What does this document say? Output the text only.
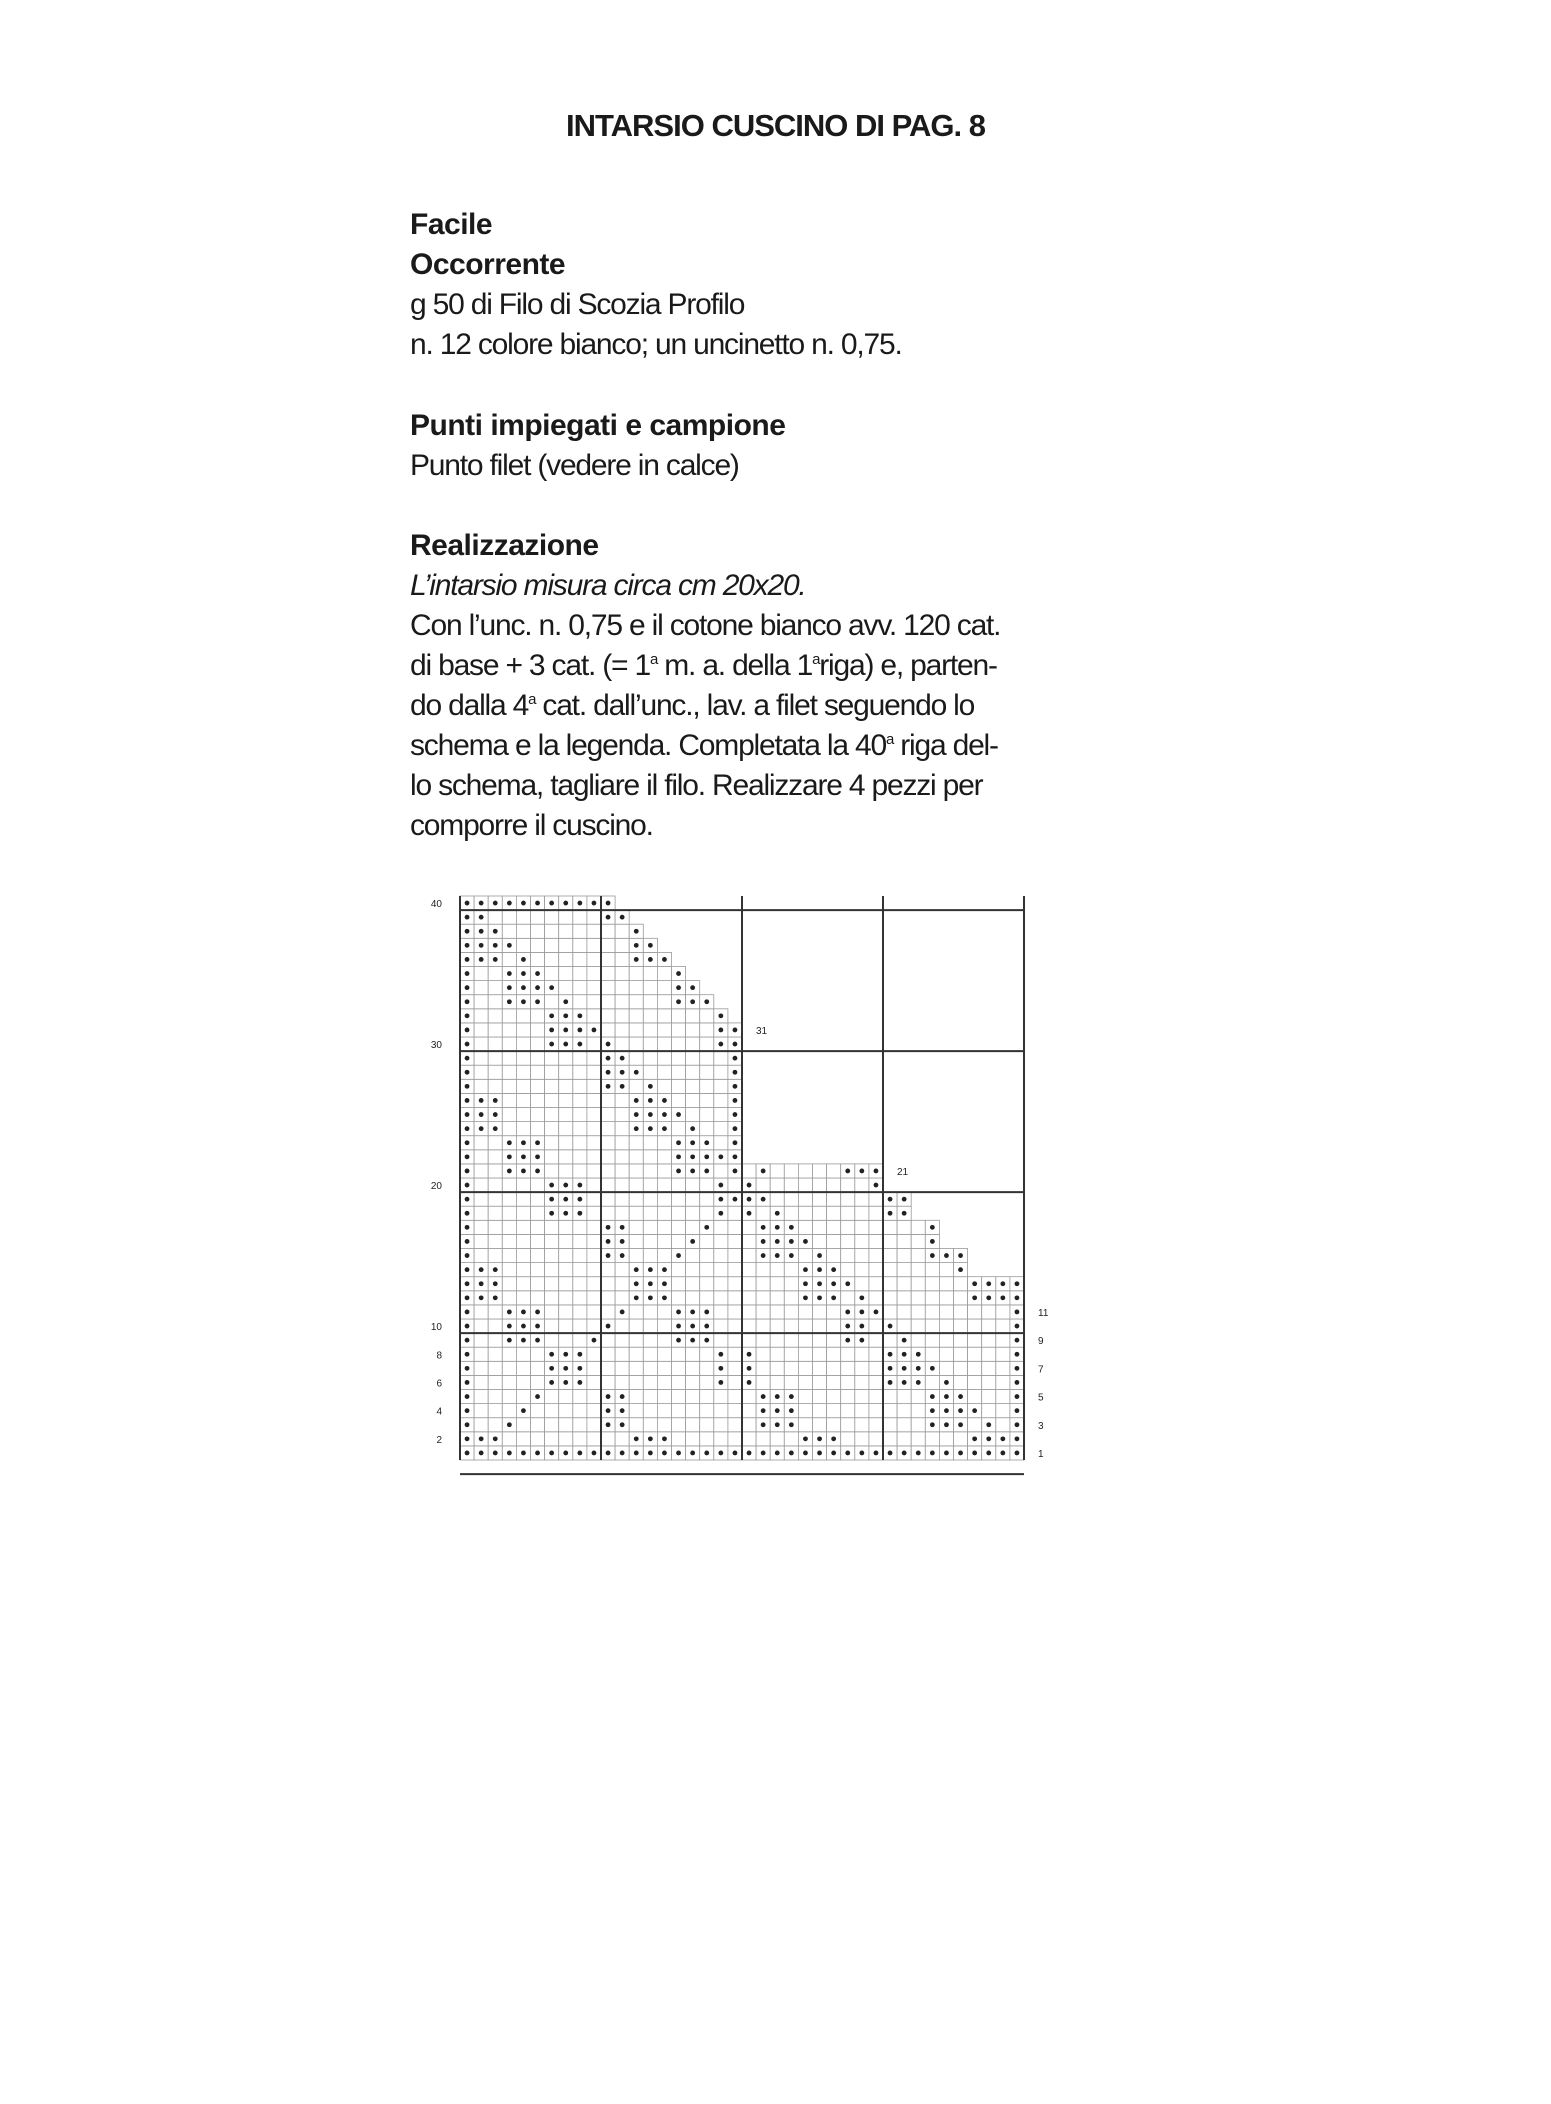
INTARSIO CUSCINO DI PAG. 8

Facile

Occorrente

g 50 di Filo di Scozia Profilo

n. 12 colore bianco; un uncinetto n. 0,75.

Punti impiegati e campione

Punto filet (vedere in calce)

Realizzazione

L’intarsio misura circa cm 20x20.

Con l’unc. n. 0,75 e il cotone bianco avv. 120 cat.

di base + 3 cat. (= $1^a$ m. a. della 1$^a$riga) e, parten-

do dalla 4$^a$ cat. dall’unc., lav. a filet seguendo lo

schema e la legenda. Completata la 40$^a$ riga del-

lo schema, tagliare il filo. Realizzare 4 pezzi per

comporre il cuscino.

40
30
20
10
8
6
4
2
31
21
11
9
7
5
3
1
